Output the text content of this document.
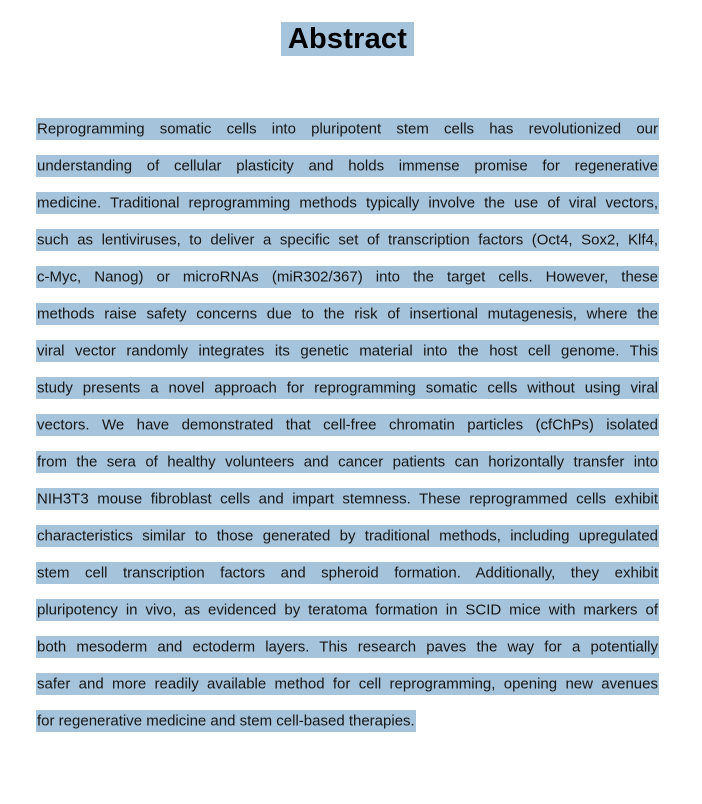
Abstract
Reprogramming somatic cells into pluripotent stem cells has revolutionized our
understanding of cellular plasticity and holds immense promise for regenerative
medicine. Traditional reprogramming methods typically involve the use of viral vectors,
such as lentiviruses, to deliver a specific set of transcription factors (Oct4, Sox2, Klf4,
c-Myc, Nanog) or microRNAs (miR302/367) into the target cells. However, these
methods raise safety concerns due to the risk of insertional mutagenesis, where the
viral vector randomly integrates its genetic material into the host cell genome. This
study presents a novel approach for reprogramming somatic cells without using viral
vectors. We have demonstrated that cell-free chromatin particles (cfChPs) isolated
from the sera of healthy volunteers and cancer patients can horizontally transfer into
NIH3T3 mouse fibroblast cells and impart stemness. These reprogrammed cells exhibit
characteristics similar to those generated by traditional methods, including upregulated
stem cell transcription factors and spheroid formation. Additionally, they exhibit
pluripotency in vivo, as evidenced by teratoma formation in SCID mice with markers of
both mesoderm and ectoderm layers. This research paves the way for a potentially
safer and more readily available method for cell reprogramming, opening new avenues
for regenerative medicine and stem cell-based therapies.
